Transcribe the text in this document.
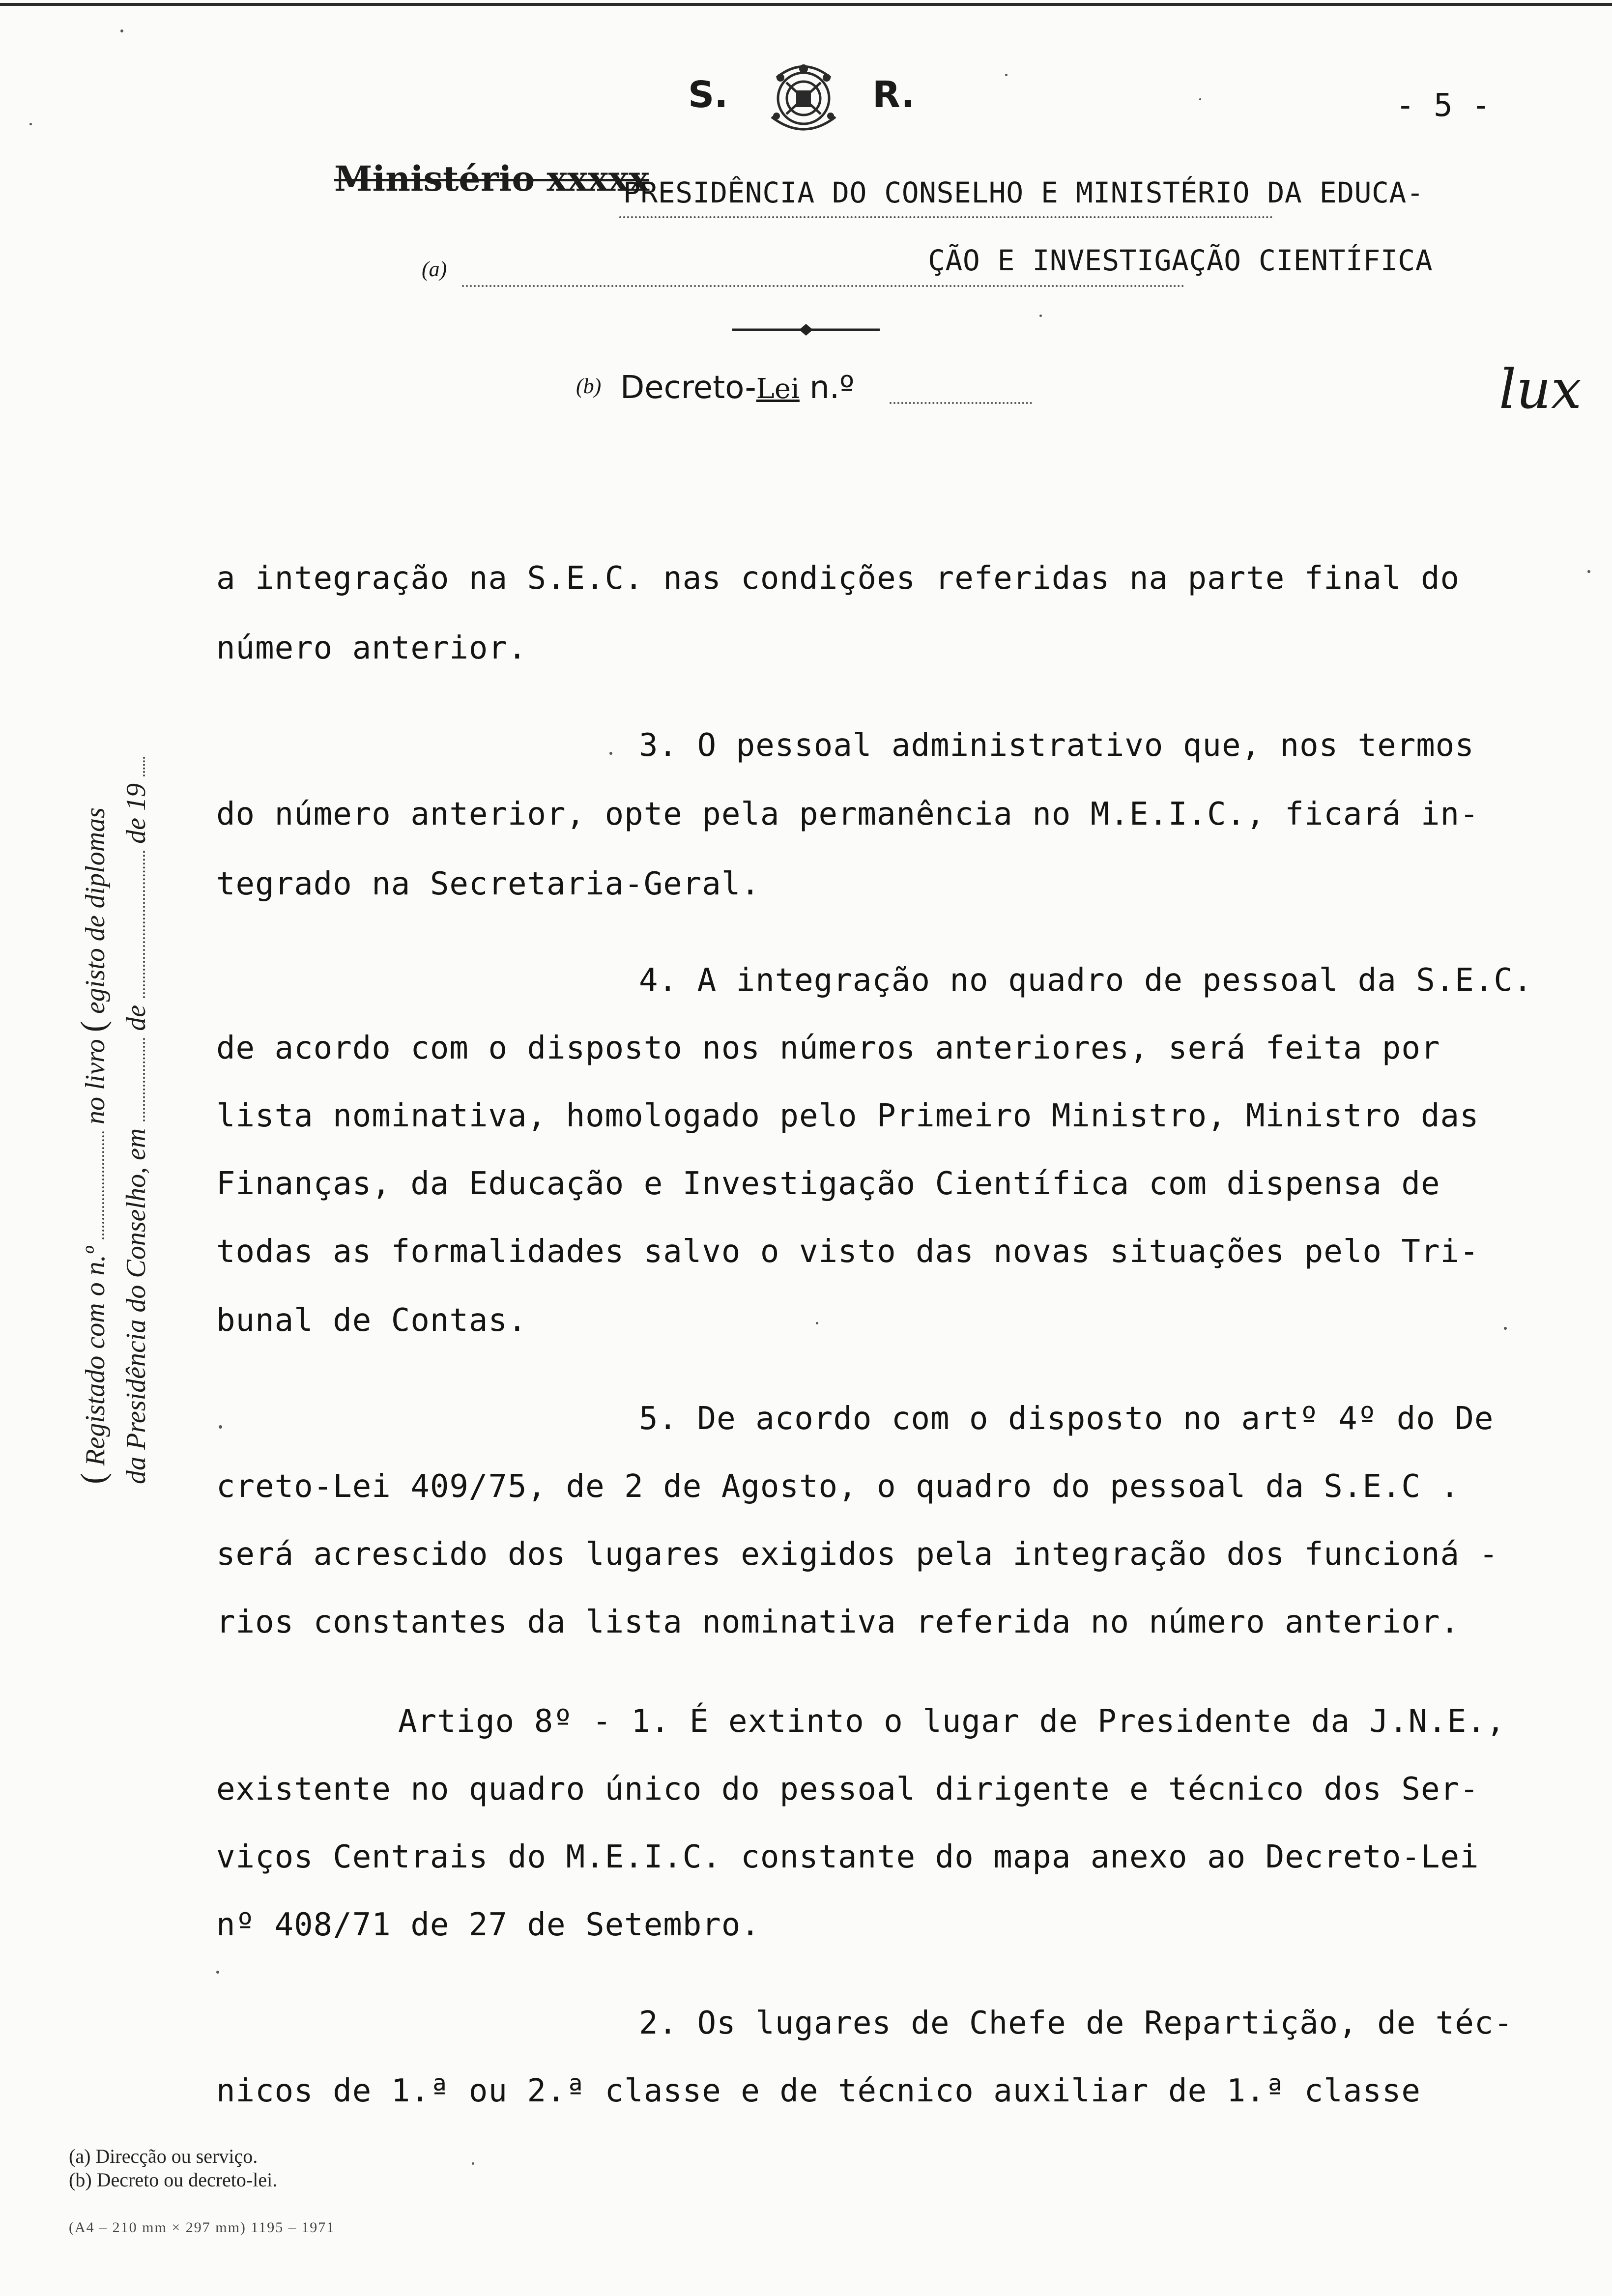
S.	R.	- 5 -
Ministério xxxxx
PRESIDÊNCIA DO CONSELHO E MINISTÉRIO DA EDUCA-
(a)	ÇÃO E INVESTIGAÇÃO CIENTÍFICA
(b) Decreto-Lei n.º	lux
( Registado com o n.º  no livro ( egisto de diplomas
da Presidência do Conselho, em  de  de 19
a integração na S.E.C. nas condições referidas na parte final do
número anterior.
3. O pessoal administrativo que, nos termos
do número anterior, opte pela permanência no M.E.I.C., ficará in-
tegrado na Secretaria-Geral.
4. A integração no quadro de pessoal da S.E.C.
de acordo com o disposto nos números anteriores, será feita por
lista nominativa, homologado pelo Primeiro Ministro, Ministro das
Finanças, da Educação e Investigação Científica com dispensa de
todas as formalidades salvo o visto das novas situações pelo Tri-
bunal de Contas.
5. De acordo com o disposto no artº 4º do De
creto-Lei 409/75, de 2 de Agosto, o quadro do pessoal da S.E.C .
será acrescido dos lugares exigidos pela integração dos funcioná -
rios constantes da lista nominativa referida no número anterior.
Artigo 8º - 1. É extinto o lugar de Presidente da J.N.E.,
existente no quadro único do pessoal dirigente e técnico dos Ser-
viços Centrais do M.E.I.C. constante do mapa anexo ao Decreto-Lei
nº 408/71 de 27 de Setembro.
2. Os lugares de Chefe de Repartição, de téc-
nicos de 1.ª ou 2.ª classe e de técnico auxiliar de 1.ª classe
(a) Direcção ou serviço.
(b) Decreto ou decreto-lei.
(A4 – 210 mm × 297 mm) 1195 – 1971
